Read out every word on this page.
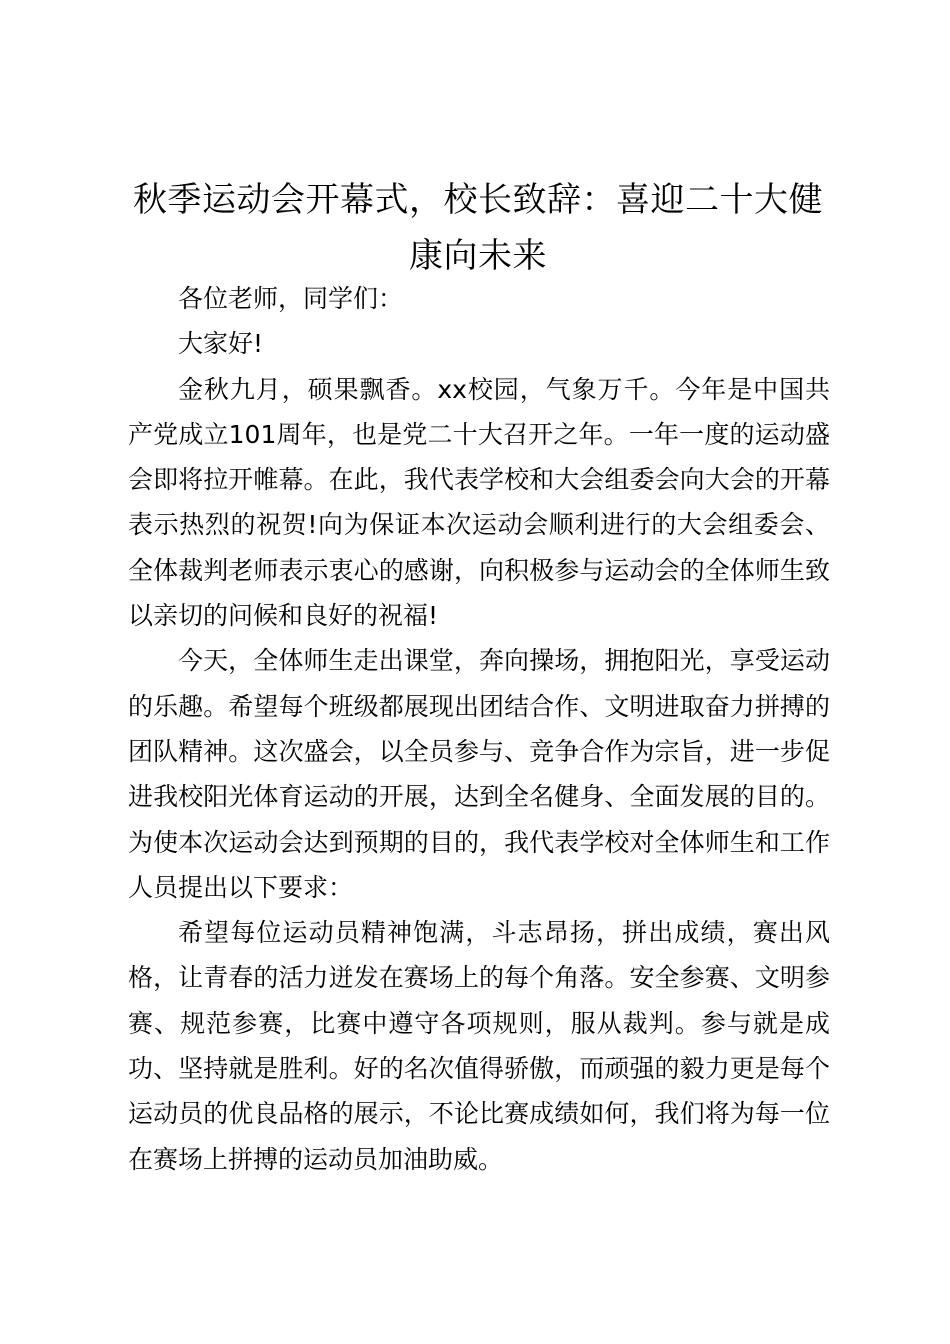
秋季运动会开幕式，校长致辞：喜迎二十大健康向未来

各位老师，同学们：

大家好!

金秋九月，硕果飘香。xx校园，气象万千。今年是中国共产党成立101周年，也是党二十大召开之年。一年一度的运动盛会即将拉开帷幕。在此，我代表学校和大会组委会向大会的开幕表示热烈的祝贺!向为保证本次运动会顺利进行的大会组委会、全体裁判老师表示衷心的感谢，向积极参与运动会的全体师生致以亲切的问候和良好的祝福!

今天，全体师生走出课堂，奔向操场，拥抱阳光，享受运动的乐趣。希望每个班级都展现出团结合作、文明进取奋力拼搏的团队精神。这次盛会，以全员参与、竞争合作为宗旨，进一步促进我校阳光体育运动的开展，达到全名健身、全面发展的目的。为使本次运动会达到预期的目的，我代表学校对全体师生和工作人员提出以下要求：

希望每位运动员精神饱满，斗志昂扬，拼出成绩，赛出风格，让青春的活力迸发在赛场上的每个角落。安全参赛、文明参赛、规范参赛，比赛中遵守各项规则，服从裁判。参与就是成功、坚持就是胜利。好的名次值得骄傲，而顽强的毅力更是每个运动员的优良品格的展示，不论比赛成绩如何，我们将为每一位在赛场上拼搏的运动员加油助威。
